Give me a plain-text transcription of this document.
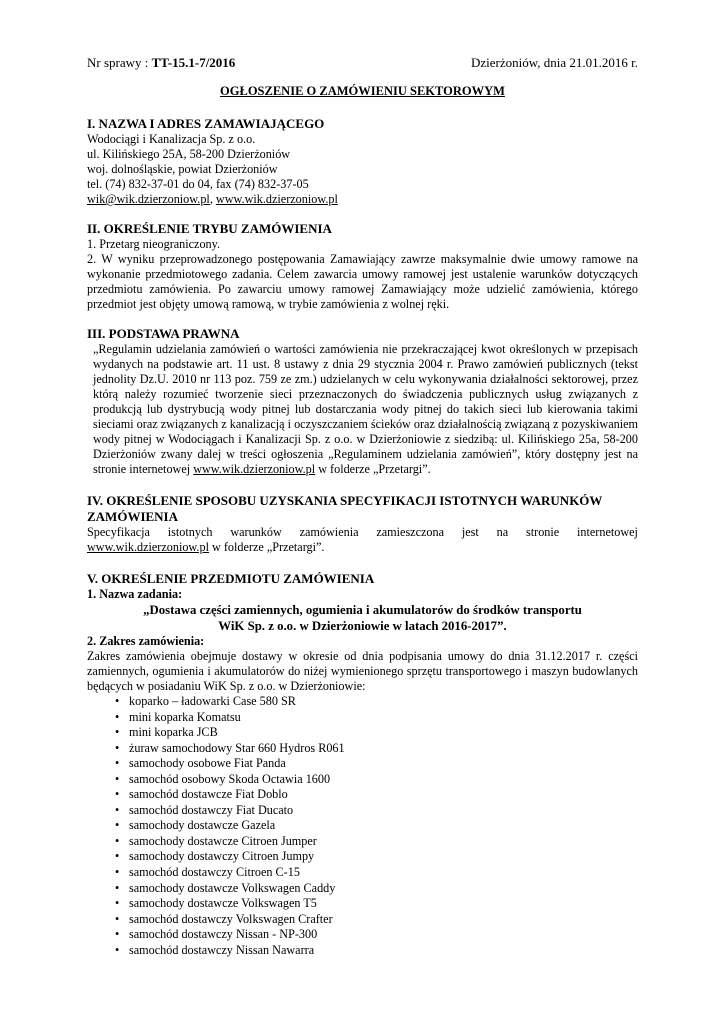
Nr sprawy : TT-15.1-7/2016	Dzierżoniów, dnia 21.01.2016 r.
OGŁOSZENIE O ZAMÓWIENIU SEKTOROWYM
I. NAZWA I ADRES ZAMAWIAJĄCEGO

Wodociągi i Kanalizacja Sp. z o.o.

ul. Kilińskiego 25A, 58-200 Dzierżoniów

woj. dolnośląskie, powiat Dzierżoniów

tel. (74) 832-37-01 do 04, fax (74) 832-37-05

wik@wik.dzierzoniow.pl, www.wik.dzierzoniow.pl

II. OKREŚLENIE TRYBU ZAMÓWIENIA

1. Przetarg nieograniczony.

2. W wyniku przeprowadzonego postępowania Zamawiający zawrze maksymalnie dwie umowy ramowe na wykonanie przedmiotowego zadania. Celem zawarcia umowy ramowej jest ustalenie warunków dotyczących przedmiotu zamówienia. Po zawarciu umowy ramowej Zamawiający może udzielić zamówienia, którego przedmiot jest objęty umową ramową, w trybie zamówienia z wolnej ręki.

III. PODSTAWA PRAWNA

„Regulamin udzielania zamówień o wartości zamówienia nie przekraczającej kwot określonych w przepisach wydanych na podstawie art. 11 ust. 8 ustawy z dnia 29 stycznia 2004 r. Prawo zamówień publicznych (tekst jednolity Dz.U. 2010 nr 113 poz. 759 ze zm.) udzielanych w celu wykonywania działalności sektorowej, przez którą należy rozumieć tworzenie sieci przeznaczonych do świadczenia publicznych usług związanych z produkcją lub dystrybucją wody pitnej lub dostarczania wody pitnej do takich sieci lub kierowania takimi sieciami oraz związanych z kanalizacją i oczyszczaniem ścieków oraz działalnością związaną z pozyskiwaniem wody pitnej w Wodociągach i Kanalizacji Sp. z o.o. w Dzierżoniowie z siedzibą: ul. Kilińskiego 25a, 58-200 Dzierżoniów zwany dalej w treści ogłoszenia „Regulaminem udzielania zamówień”, który dostępny jest na stronie internetowej www.wik.dzierzoniow.pl w folderze „Przetargi”.

IV. OKREŚLENIE SPOSOBU UZYSKANIA SPECYFIKACJI ISTOTNYCH WARUNKÓW
ZAMÓWIENIA
Specyfikacja istotnych warunków zamówienia zamieszczona jest na stronie internetowej

www.wik.dzierzoniow.pl w folderze „Przetargi”.

V. OKREŚLENIE PRZEDMIOTU ZAMÓWIENIA

1. Nazwa zadania:

„Dostawa części zamiennych, ogumienia i akumulatorów do środków transportu
WiK Sp. z o.o. w Dzierżoniowie w latach 2016-2017”.

2. Zakres zamówienia:

Zakres zamówienia obejmuje dostawy w okresie od dnia podpisania umowy do dnia 31.12.2017 r. części zamiennych, ogumienia i akumulatorów do niżej wymienionego sprzętu transportowego i maszyn budowlanych będących w posiadaniu WiK Sp. z o.o. w Dzierżoniowie:

• koparko – ładowarki Case 580 SR
• mini koparka Komatsu
• mini koparka JCB
• żuraw samochodowy Star 660 Hydros R061
• samochody osobowe Fiat Panda
• samochód osobowy Skoda Octawia 1600
• samochód dostawcze Fiat Doblo
• samochód dostawczy Fiat Ducato
• samochody dostawcze Gazela
• samochody dostawcze Citroen Jumper
• samochody dostawczy Citroen Jumpy
• samochód dostawczy Citroen C-15
• samochody dostawcze Volkswagen Caddy
• samochody dostawcze Volkswagen T5
• samochód dostawczy Volkswagen Crafter
• samochód dostawczy Nissan - NP-300
• samochód dostawczy Nissan Nawarra
